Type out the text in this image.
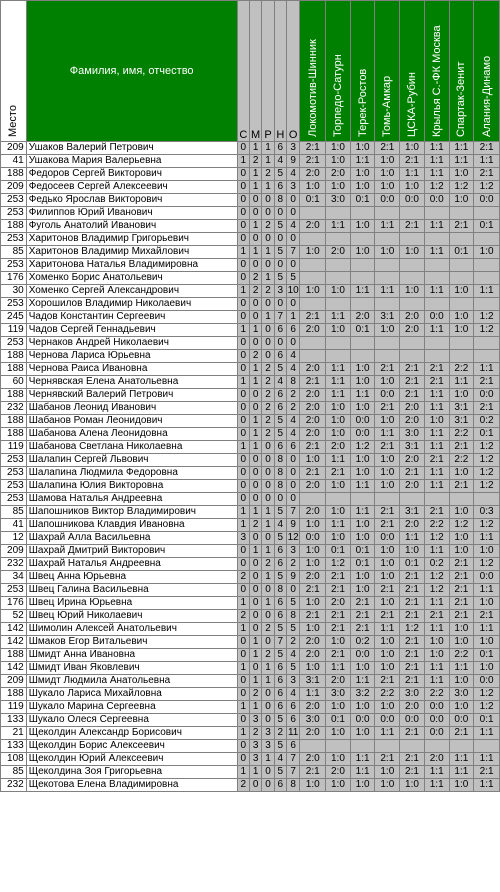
Место	Фамилия, имя, отчество	С	М	Р	Н	О	Локомотив-Шинник	Торпедо-Сатурн	Терек-Ростов	Томь-Амкар	ЦСКА-Рубин	Крылья С.-ФК Москва	Спартак-Зенит	Алания-Динамо

209	Ушаков Валерий Петрович	0	1	1	6	3	2:1	1:0	1:0	2:1	1:0	1:1	1:1	2:1
41	Ушакова Мария Валерьевна	1	2	1	4	9	2:1	1:0	1:1	1:0	2:1	1:1	1:1	1:1
188	Федоров Сергей Викторович	0	1	2	5	4	2:0	2:0	1:0	1:0	1:1	1:1	1:0	2:1
209	Федосеев Сергей Алексеевич	0	1	1	6	3	1:0	1:0	1:0	1:0	1:0	1:2	1:2	1:2
253	Федько Ярослав Викторович	0	0	0	8	0	0:1	3:0	0:1	0:0	0:0	0:0	1:0	0:0
253	Филиппов Юрий Иванович	0	0	0	0	0								
188	Фуголь Анатолий Иванович	0	1	2	5	4	2:0	1:1	1:0	1:1	2:1	1:1	2:1	0:1
253	Харитонов Владимир Григорьевич	0	0	0	0	0								
85	Харитонов Владимир Михайлович	1	1	1	5	7	1:0	2:0	1:0	1:0	1:0	1:1	0:1	1:0
253	Харитонова Наталья Владимировна	0	0	0	0	0								
176	Хоменко Борис Анатольевич	0	2	1	5	5								
30	Хоменко Сергей Александрович	1	2	2	3	10	1:0	1:0	1:1	1:1	1:0	1:1	1:0	1:1
253	Хорошилов Владимир Николаевич	0	0	0	0	0								
245	Чадов Константин Сергеевич	0	0	1	7	1	2:1	1:1	2:0	3:1	2:0	0:0	1:0	1:2
119	Чадов Сергей Геннадьевич	1	1	0	6	6	2:0	1:0	0:1	1:0	2:0	1:1	1:0	1:2
253	Чернаков Андрей Николаевич	0	0	0	0	0								
188	Чернова Лариса Юрьевна	0	2	0	6	4								
188	Чернова Раиса Ивановна	0	1	2	5	4	2:0	1:1	1:0	2:1	2:1	2:1	2:2	1:1
60	Чернявская Елена Анатольевна	1	1	2	4	8	2:1	1:1	1:0	1:0	2:1	2:1	1:1	2:1
188	Чернявский Валерий Петрович	0	0	2	6	2	2:0	1:1	1:1	0:0	2:1	1:1	1:0	0:0
232	Шабанов Леонид Иванович	0	0	2	6	2	2:0	1:0	1:0	2:1	2:0	1:1	3:1	2:1
188	Шабанов Роман Леонидович	0	1	2	5	4	2:0	1:0	0:0	1:0	2:0	1:0	3:1	0:2
188	Шабанова Алена Леонидовна	0	1	2	5	4	2:0	1:0	0:0	1:1	3:0	1:1	2:2	0:1
119	Шабанова Светлана Николаевна	1	1	0	6	6	2:1	2:0	1:2	2:1	3:1	1:1	2:1	1:2
253	Шалапин Сергей Львович	0	0	0	8	0	1:0	1:1	1:0	1:0	2:0	2:1	2:2	1:2
253	Шалапина Людмила Федоровна	0	0	0	8	0	2:1	2:1	1:0	1:0	2:1	1:1	1:0	1:2
253	Шалапина Юлия Викторовна	0	0	0	8	0	2:0	1:0	1:1	1:0	2:0	1:1	2:1	1:2
253	Шамова Наталья Андреевна	0	0	0	0	0								
85	Шапошников Виктор Владимирович	1	1	1	5	7	2:0	1:0	1:1	2:1	3:1	2:1	1:0	0:3
41	Шапошникова Клавдия Ивановна	1	2	1	4	9	1:0	1:1	1:0	2:1	2:0	2:2	1:2	1:2
12	Шахрай Алла Васильевна	3	0	0	5	12	0:0	1:0	1:0	0:0	1:1	1:2	1:0	1:1
209	Шахрай Дмитрий Викторович	0	1	1	6	3	1:0	0:1	0:1	1:0	1:0	1:1	1:0	1:0
232	Шахрай Наталья Андреевна	0	0	2	6	2	1:0	1:2	0:1	1:0	0:1	0:2	2:1	1:2
34	Швец Анна Юрьевна	2	0	1	5	9	2:0	2:1	1:0	1:0	2:1	1:2	2:1	0:0
253	Швец Галина Васильевна	0	0	0	8	0	2:1	2:1	1:0	2:1	2:1	1:2	2:1	1:1
176	Швец Ирина Юрьевна	1	0	1	6	5	1:0	2:0	2:1	1:0	2:1	1:1	2:1	1:0
52	Швец Юрий Николаевич	2	0	0	6	8	2:1	2:1	2:1	2:1	2:1	2:1	2:1	2:1
142	Шимолин Алексей Анатольевич	1	0	2	5	5	1:0	2:1	2:1	1:1	1:2	1:1	1:0	1:1
142	Шмаков Егор Витальевич	0	1	0	7	2	2:0	1:0	0:2	1:0	2:1	1:0	1:0	1:0
188	Шмидт Анна Ивановна	0	1	2	5	4	2:0	2:1	0:0	1:0	2:1	1:0	2:2	0:1
142	Шмидт Иван Яковлевич	1	0	1	6	5	1:0	1:1	1:0	1:0	2:1	1:1	1:1	1:0
209	Шмидт Людмила Анатольевна	0	1	1	6	3	3:1	2:0	1:1	2:1	2:1	1:1	1:0	0:0
188	Шукало Лариса Михайловна	0	2	0	6	4	1:1	3:0	3:2	2:2	3:0	2:2	3:0	1:2
119	Шукало Марина Сергеевна	1	1	0	6	6	2:0	1:0	1:0	1:0	2:0	0:0	1:0	1:2
133	Шукало Олеся Сергеевна	0	3	0	5	6	3:0	0:1	0:0	0:0	0:0	0:0	0:0	0:1
21	Щеколдин Александр Борисович	1	2	3	2	11	2:0	1:0	1:0	1:1	2:1	0:0	2:1	1:1
133	Щеколдин Борис Алексеевич	0	3	3	5	6								
108	Щеколдин Юрий Алексеевич	0	3	1	4	7	2:0	1:0	1:1	2:1	2:1	2:0	1:1	1:1
85	Щеколдина Зоя Григорьевна	1	1	0	5	7	2:1	2:0	1:1	1:0	2:1	1:1	1:1	2:1
232	Щекотова Елена Владимировна	2	0	0	6	8	1:0	1:0	1:0	1:0	1:0	1:1	1:0	1:1
